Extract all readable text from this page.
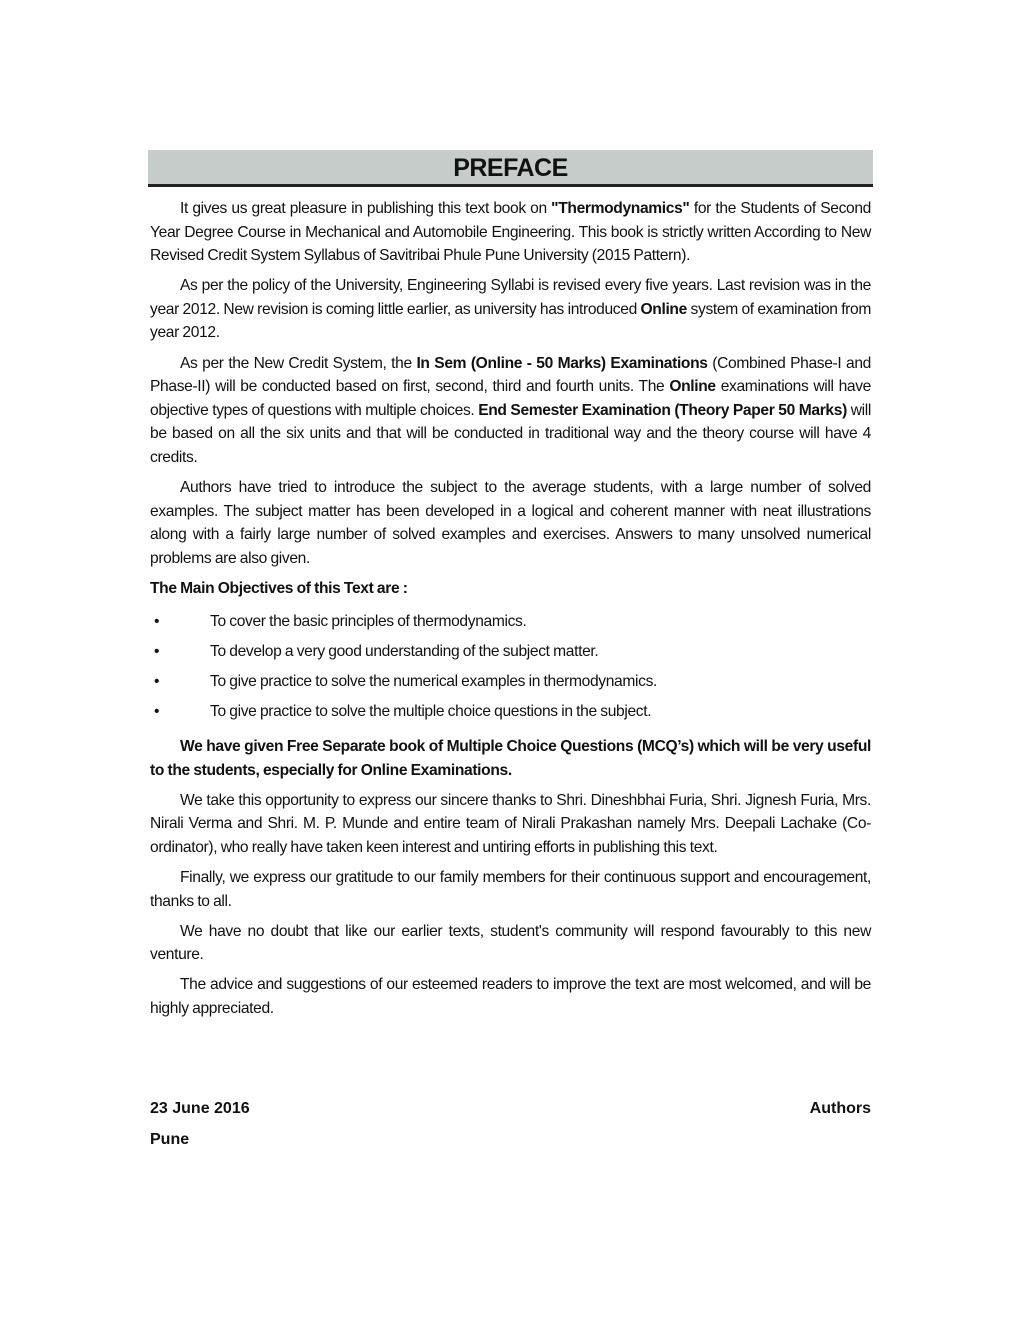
PREFACE

It gives us great pleasure in publishing this text book on "Thermodynamics" for the Students of Second Year Degree Course in Mechanical and Automobile Engineering. This book is strictly written According to New Revised Credit System Syllabus of Savitribai Phule Pune University (2015 Pattern).

As per the policy of the University, Engineering Syllabi is revised every five years. Last revision was in the year 2012. New revision is coming little earlier, as university has introduced Online system of examination from year 2012.

As per the New Credit System, the In Sem (Online - 50 Marks) Examinations (Combined Phase-I and Phase-II) will be conducted based on first, second, third and fourth units. The Online examinations will have objective types of questions with multiple choices. End Semester Examination (Theory Paper 50 Marks) will be based on all the six units and that will be conducted in traditional way and the theory course will have 4 credits.

Authors have tried to introduce the subject to the average students, with a large number of solved examples. The subject matter has been developed in a logical and coherent manner with neat illustrations along with a fairly large number of solved examples and exercises. Answers to many unsolved numerical problems are also given.

The Main Objectives of this Text are :

•	To cover the basic principles of thermodynamics.
•	To develop a very good understanding of the subject matter.
•	To give practice to solve the numerical examples in thermodynamics.
•	To give practice to solve the multiple choice questions in the subject.

We have given Free Separate book of Multiple Choice Questions (MCQ’s) which will be very useful to the students, especially for Online Examinations.

We take this opportunity to express our sincere thanks to Shri. Dineshbhai Furia, Shri. Jignesh Furia, Mrs. Nirali Verma and Shri. M. P. Munde and entire team of Nirali Prakashan namely Mrs. Deepali Lachake (Co-ordinator), who really have taken keen interest and untiring efforts in publishing this text.

Finally, we express our gratitude to our family members for their continuous support and encouragement, thanks to all.

We have no doubt that like our earlier texts, student's community will respond favourably to this new venture.

The advice and suggestions of our esteemed readers to improve the text are most welcomed, and will be highly appreciated.

23 June 2016	Authors
Pune
